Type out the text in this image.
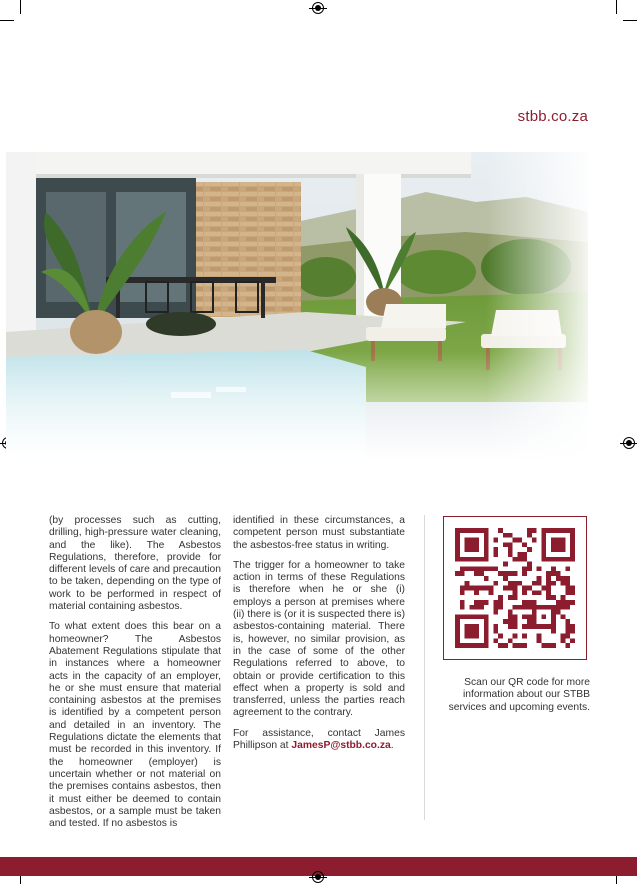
stbb.co.za

(by processes such as cutting, drilling, high-pressure water cleaning, and the like). The Asbestos Regulations, therefore, provide for different levels of care and precaution to be taken, depending on the type of work to be performed in respect of material containing asbestos.

To what extent does this bear on a homeowner? The Asbestos Abatement Regulations stipulate that in instances where a homeowner acts in the capacity of an employer, he or she must ensure that material containing asbestos at the premises is identified by a competent person and detailed in an inventory. The Regulations dictate the elements that must be recorded in this inventory. If the homeowner (employer) is uncertain whether or not material on the premises contains asbestos, then it must either be deemed to contain asbestos, or a sample must be taken and tested. If no asbestos is

identified in these circumstances, a competent person must substantiate the asbestos-free status in writing.

The trigger for a homeowner to take action in terms of these Regulations is therefore when he or she (i) employs a person at premises where (ii) there is (or it is suspected there is) asbestos-containing material. There is, however, no similar provision, as in the case of some of the other Regulations referred to above, to obtain or provide certification to this effect when a property is sold and transferred, unless the parties reach agreement to the contrary.

For assistance, contact James Phillipson at JamesP@stbb.co.za.

Scan our QR code for more information about our STBB services and upcoming events.
